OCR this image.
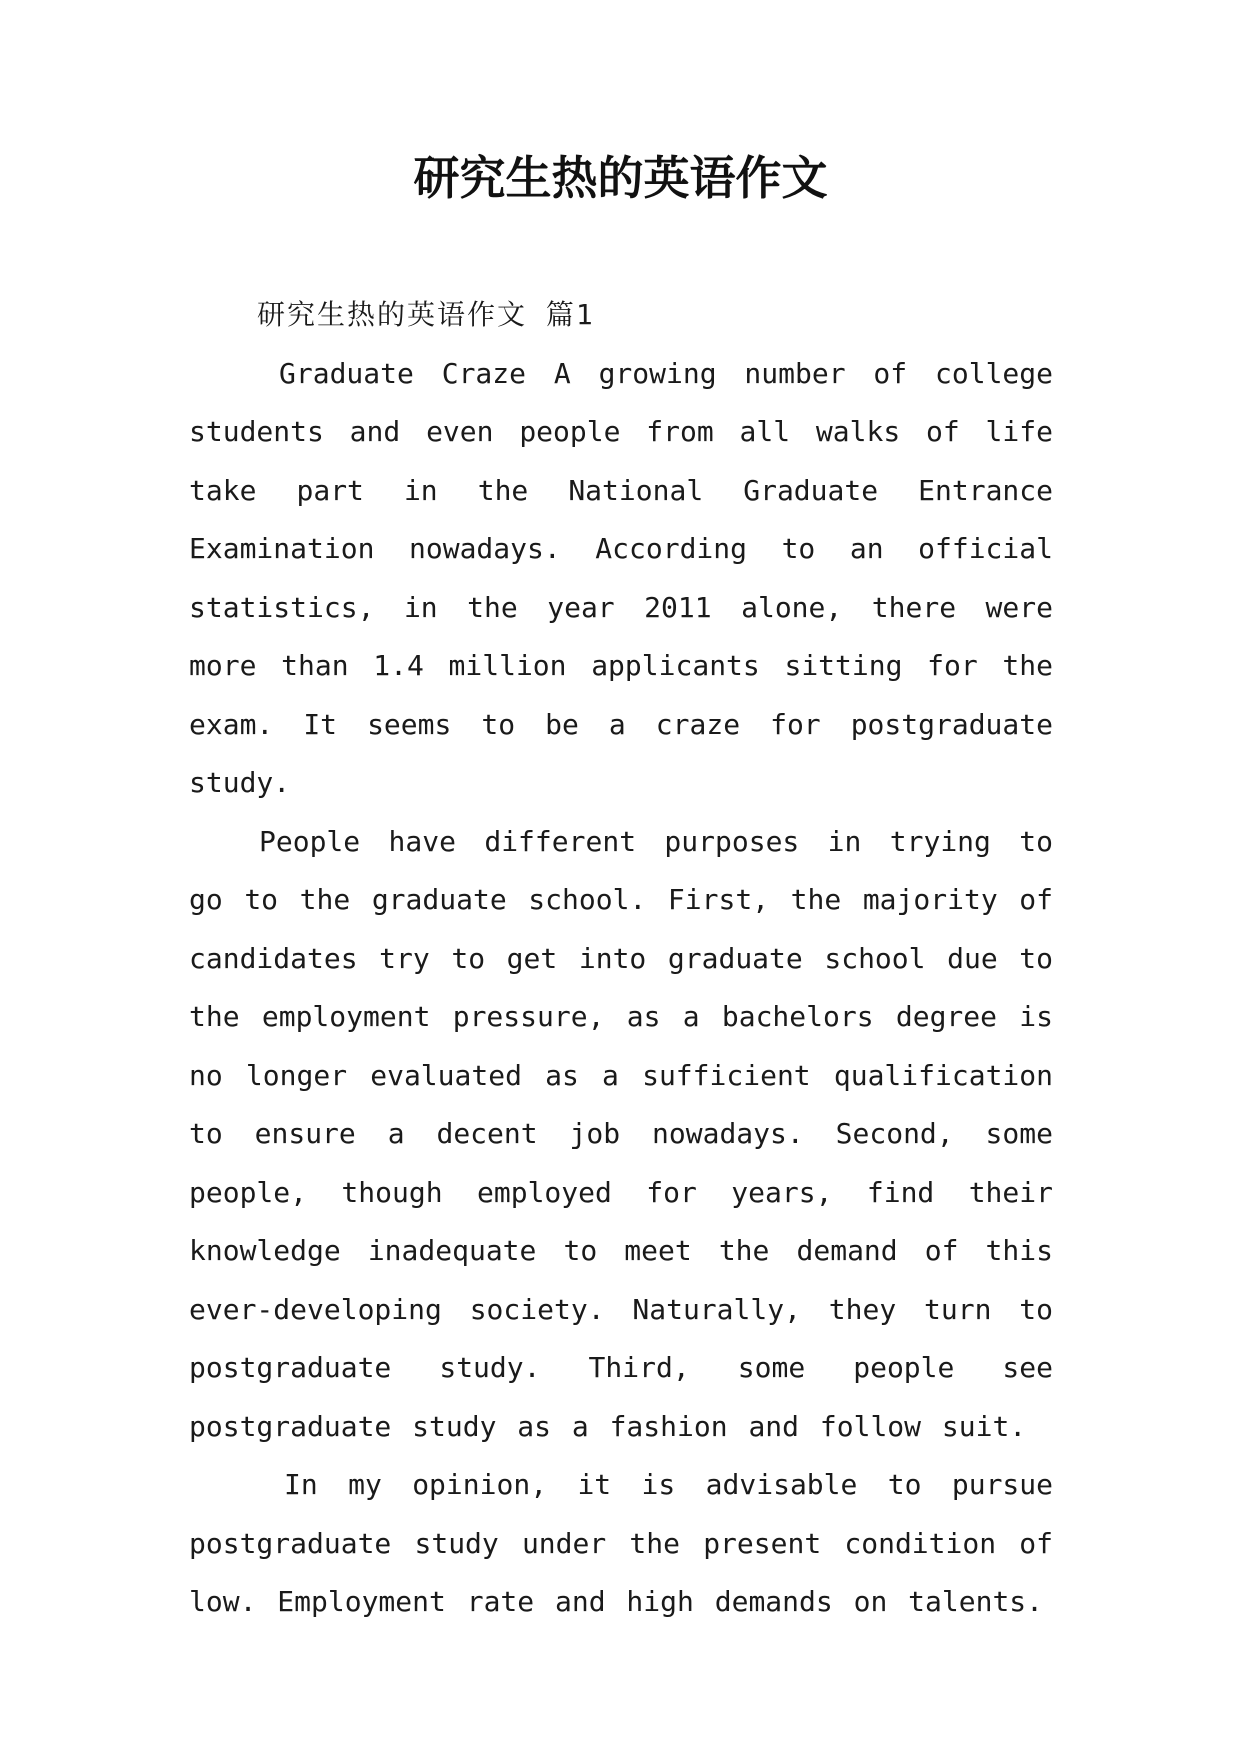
研究生热的英语作文
研究生热的英语作文 篇1

Graduate Craze A growing number of college students and even people from all walks of life take part in the National Graduate Entrance Examination nowadays. According to an official statistics, in the year 2011 alone, there were more than 1.4 million applicants sitting for the exam. It seems to be a craze for postgraduate study.

People have different purposes in trying to go to the graduate school. First, the majority of candidates try to get into graduate school due to the employment pressure, as a bachelors degree is no longer evaluated as a sufficient qualification to ensure a decent job nowadays. Second, some people, though employed for years, find their knowledge inadequate to meet the demand of this ever-developing society. Naturally, they turn to postgraduate study. Third, some people see postgraduate study as a fashion and follow suit.

In my opinion, it is advisable to pursue postgraduate study under the present condition of low. Employment rate and high demands on talents.
